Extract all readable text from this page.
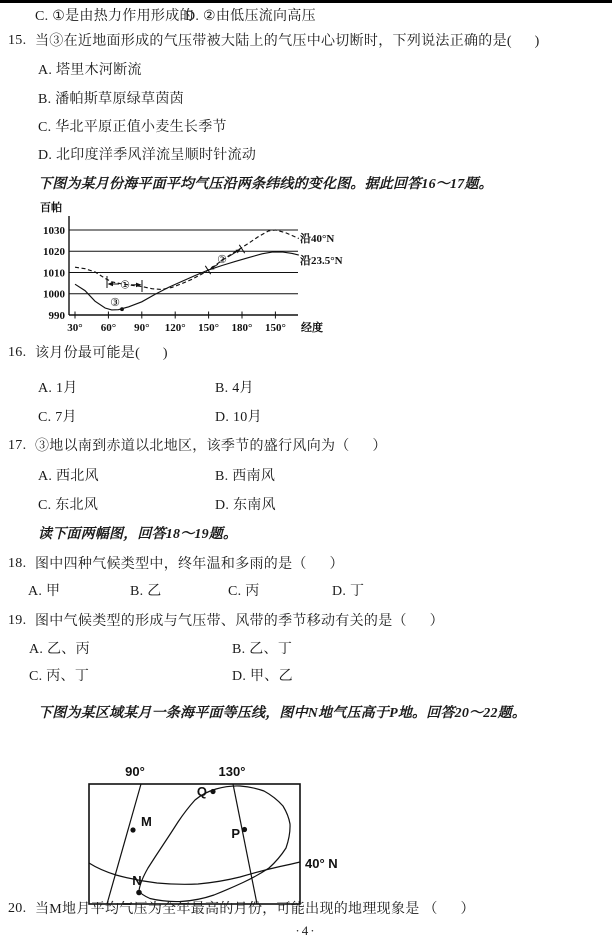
C. ①是由热力作用形成的
D. ②由低压流向高压
15. 当③在近地面形成的气压带被大陆上的气压中心切断时，下列说法正确的是(      )
A. 塔里木河断流
B. 潘帕斯草原绿草茵茵
C. 华北平原正值小麦生长季节
D. 北印度洋季风洋流呈顺时针流动
下图为某月份海平面平均气压沿两条纬线的变化图。据此回答16～17题。
1030
1020
1010
1000
990
30° 60° 90° 120° 150° 180° 150°
百帕
经度
沿40°N
沿23.5°N
①
②
③
16. 该月份最可能是(      )
A. 1月	B. 4月
C. 7月	D. 10月
17. ③地以南到赤道以北地区，该季节的盛行风向为（      ）
A. 西北风	B. 西南风
C. 东北风	D. 东南风
读下面两幅图，回答18～19题。
18. 图中四种气候类型中，终年温和多雨的是（      ）
A. 甲	B. 乙	C. 丙	D. 丁
19. 图中气候类型的形成与气压带、风带的季节移动有关的是（      ）
A. 乙、丙	B. 乙、丁
C. 丙、丁	D. 甲、乙
下图为某区域某月一条海平面等压线，图中N地气压高于P地。回答20～22题。
90°	130°
40° N
Q
M
P
N
20. 当M地月平均气压为全年最高的月份，可能出现的地理现象是 （      ）
·4·
